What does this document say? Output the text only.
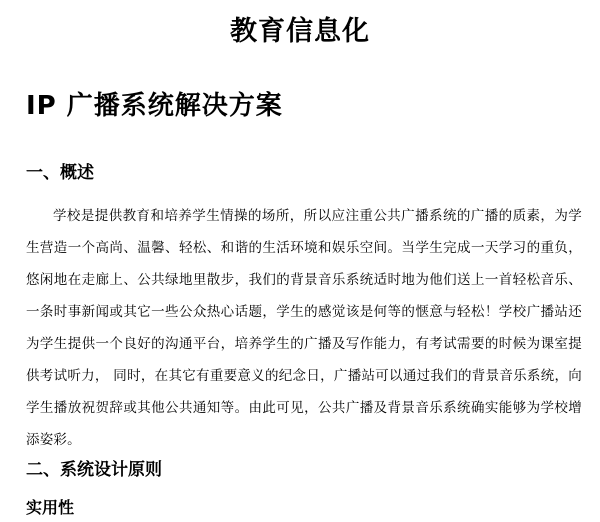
教育信息化
IP 广播系统解决方案
一、概述
学校是提供教育和培养学生情操的场所，所以应注重公共广播系统的广播的质素，为学生营造一个高尚、温馨、轻松、和谐的生活环境和娱乐空间。当学生完成一天学习的重负，悠闲地在走廊上、公共绿地里散步，我们的背景音乐系统适时地为他们送上一首轻松音乐、一条时事新闻或其它一些公众热心话题，学生的感觉该是何等的惬意与轻松！学校广播站还为学生提供一个良好的沟通平台，培养学生的广播及写作能力，有考试需要的时候为课室提供考试听力， 同时，在其它有重要意义的纪念日，广播站可以通过我们的背景音乐系统，向学生播放祝贺辞或其他公共通知等。由此可见，公共广播及背景音乐系统确实能够为学校增添姿彩。
二、系统设计原则
实用性
